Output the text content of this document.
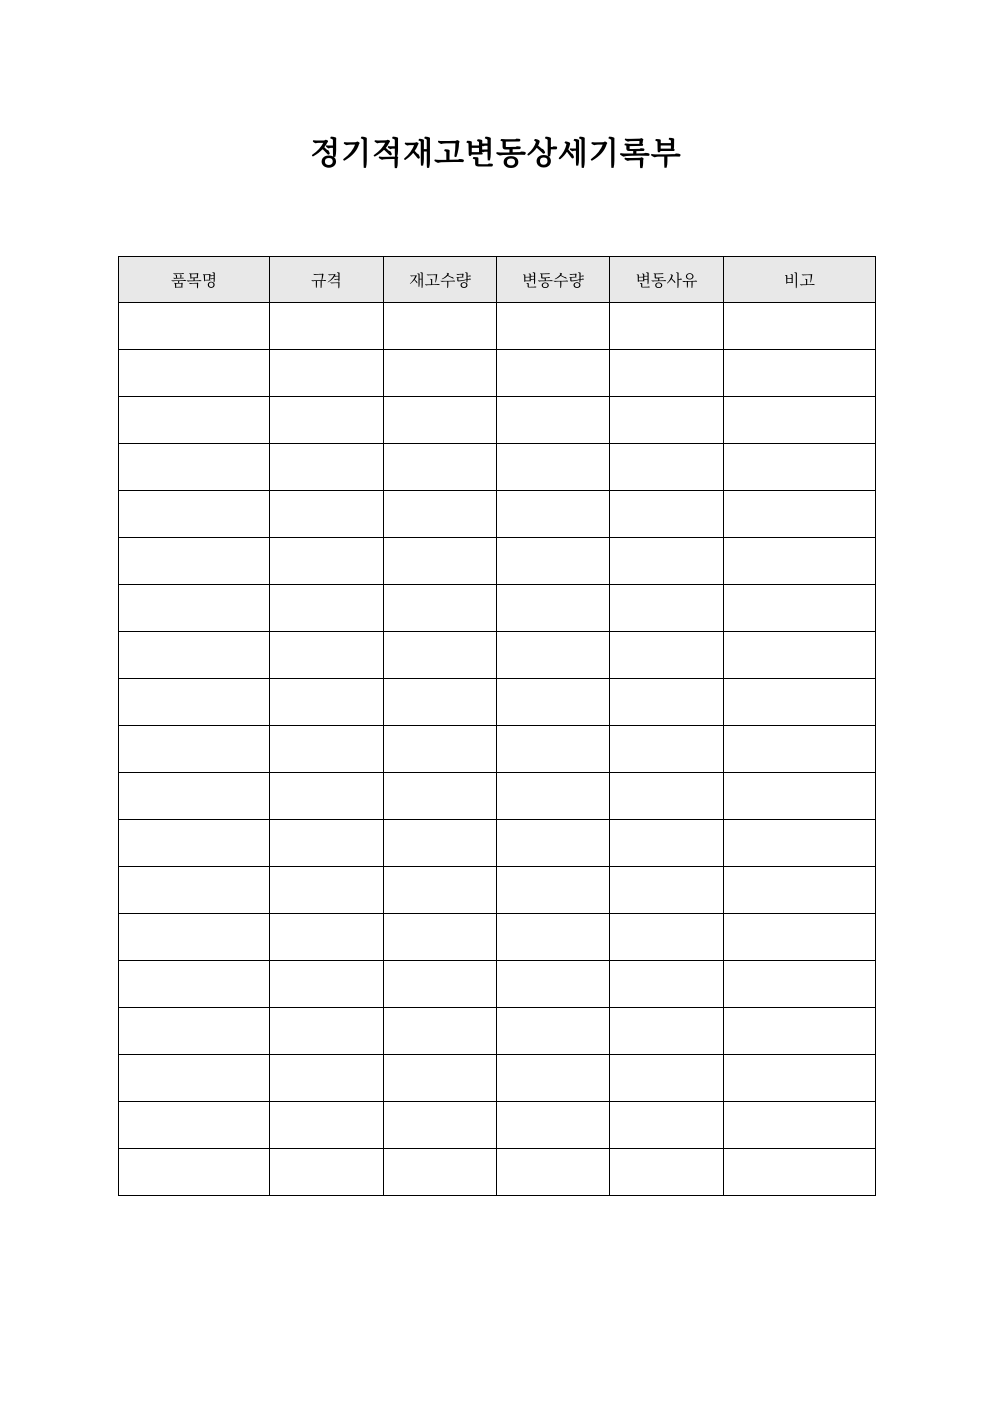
정기적재고변동상세기록부
품목명	규격	재고수량	변동수량	변동사유	비고
